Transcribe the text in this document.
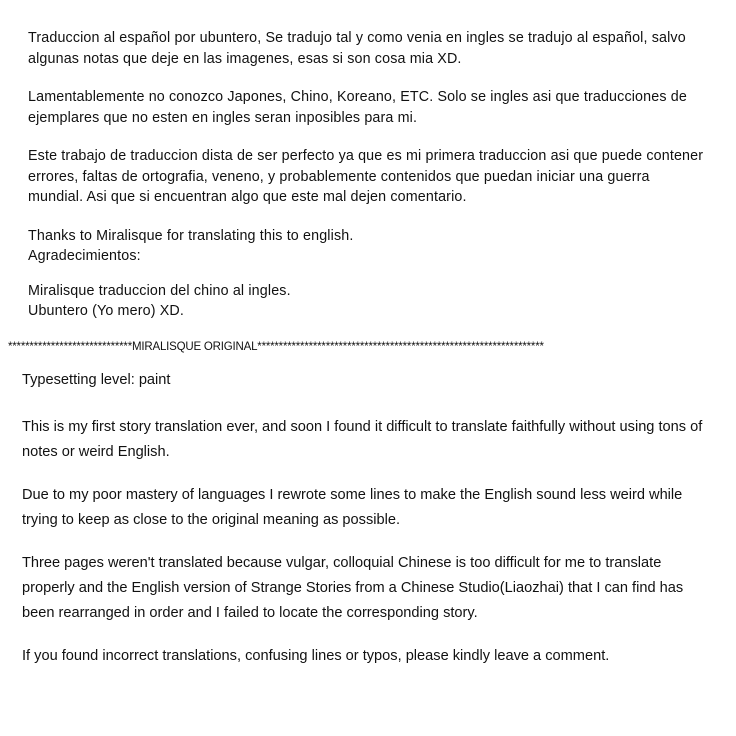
Traduccion al español por ubuntero, Se tradujo tal y como venia en ingles se tradujo al español, salvo algunas notas que deje en las imagenes, esas si son cosa mia XD.

Lamentablemente no conozco Japones, Chino, Koreano, ETC. Solo se ingles asi que traducciones de ejemplares que no esten en ingles seran inposibles para mi.

Este trabajo de traduccion dista de ser perfecto ya que es mi primera traduccion asi que puede contener errores, faltas de ortografia, veneno, y probablemente contenidos que puedan iniciar una guerra mundial. Asi que si encuentran algo que este mal dejen comentario.

Thanks to Miralisque for translating this to english.

Agradecimientos:

Miralisque traduccion del chino al ingles.

Ubuntero (Yo mero) XD.

*****************************MIRALISQUE ORIGINAL*******************************************************************

Typesetting level: paint

This is my first story translation ever, and soon I found it difficult to translate faithfully without using tons of notes or weird English.

Due to my poor mastery of languages I rewrote some lines to make the English sound less weird while trying to keep as close to the original meaning as possible.

Three pages weren't translated because vulgar, colloquial Chinese is too difficult for me to translate properly and the English version of Strange Stories from a Chinese Studio(Liaozhai) that I can find has been rearranged in order and I failed to locate the corresponding story.

If you found incorrect translations, confusing lines or typos, please kindly leave a comment.
